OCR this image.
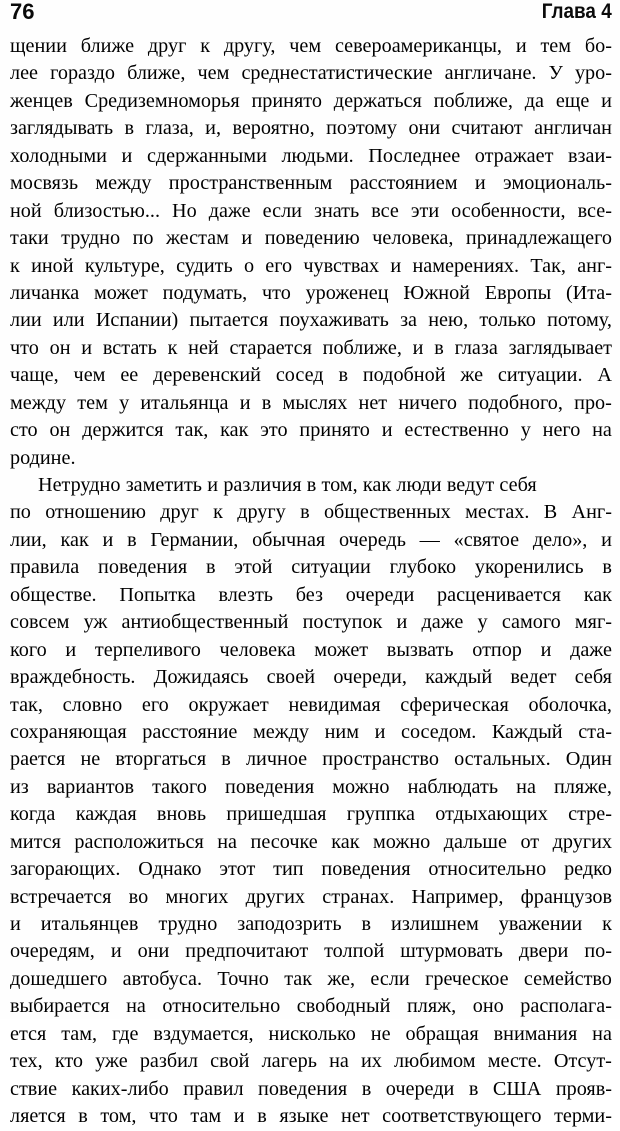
76	Глава 4
щении ближе друг к другу, чем североамериканцы, и тем бо-
лее гораздо ближе, чем среднестатистические англичане. У уро-
женцев Средиземноморья принято держаться поближе, да еще и
заглядывать в глаза, и, вероятно, поэтому они считают англичан
холодными и сдержанными людьми. Последнее отражает взаи-
мосвязь между пространственным расстоянием и эмоциональ-
ной близостью... Но даже если знать все эти особенности, все-
таки трудно по жестам и поведению человека, принадлежащего
к иной культуре, судить о его чувствах и намерениях. Так, анг-
личанка может подумать, что уроженец Южной Европы (Ита-
лии или Испании) пытается поухаживать за нею, только потому,
что он и встать к ней старается поближе, и в глаза заглядывает
чаще, чем ее деревенский сосед в подобной же ситуации. А
между тем у итальянца и в мыслях нет ничего подобного, про-
сто он держится так, как это принято и естественно у него на
родине.
Нетрудно заметить и различия в том, как люди ведут себя
по отношению друг к другу в общественных местах. В Анг-
лии, как и в Германии, обычная очередь — «святое дело», и
правила поведения в этой ситуации глубоко укоренились в
обществе. Попытка влезть без очереди расценивается как
совсем уж антиобщественный поступок и даже у самого мяг-
кого и терпеливого человека может вызвать отпор и даже
враждебность. Дожидаясь своей очереди, каждый ведет себя
так, словно его окружает невидимая сферическая оболочка,
сохраняющая расстояние между ним и соседом. Каждый ста-
рается не вторгаться в личное пространство остальных. Один
из вариантов такого поведения можно наблюдать на пляже,
когда каждая вновь пришедшая группка отдыхающих стре-
мится расположиться на песочке как можно дальше от других
загорающих. Однако этот тип поведения относительно редко
встречается во многих других странах. Например, французов
и итальянцев трудно заподозрить в излишнем уважении к
очередям, и они предпочитают толпой штурмовать двери по-
дошедшего автобуса. Точно так же, если греческое семейство
выбирается на относительно свободный пляж, оно располага-
ется там, где вздумается, нисколько не обращая внимания на
тех, кто уже разбил свой лагерь на их любимом месте. Отсут-
ствие каких-либо правил поведения в очереди в США прояв-
ляется в том, что там и в языке нет соответствующего терми-
